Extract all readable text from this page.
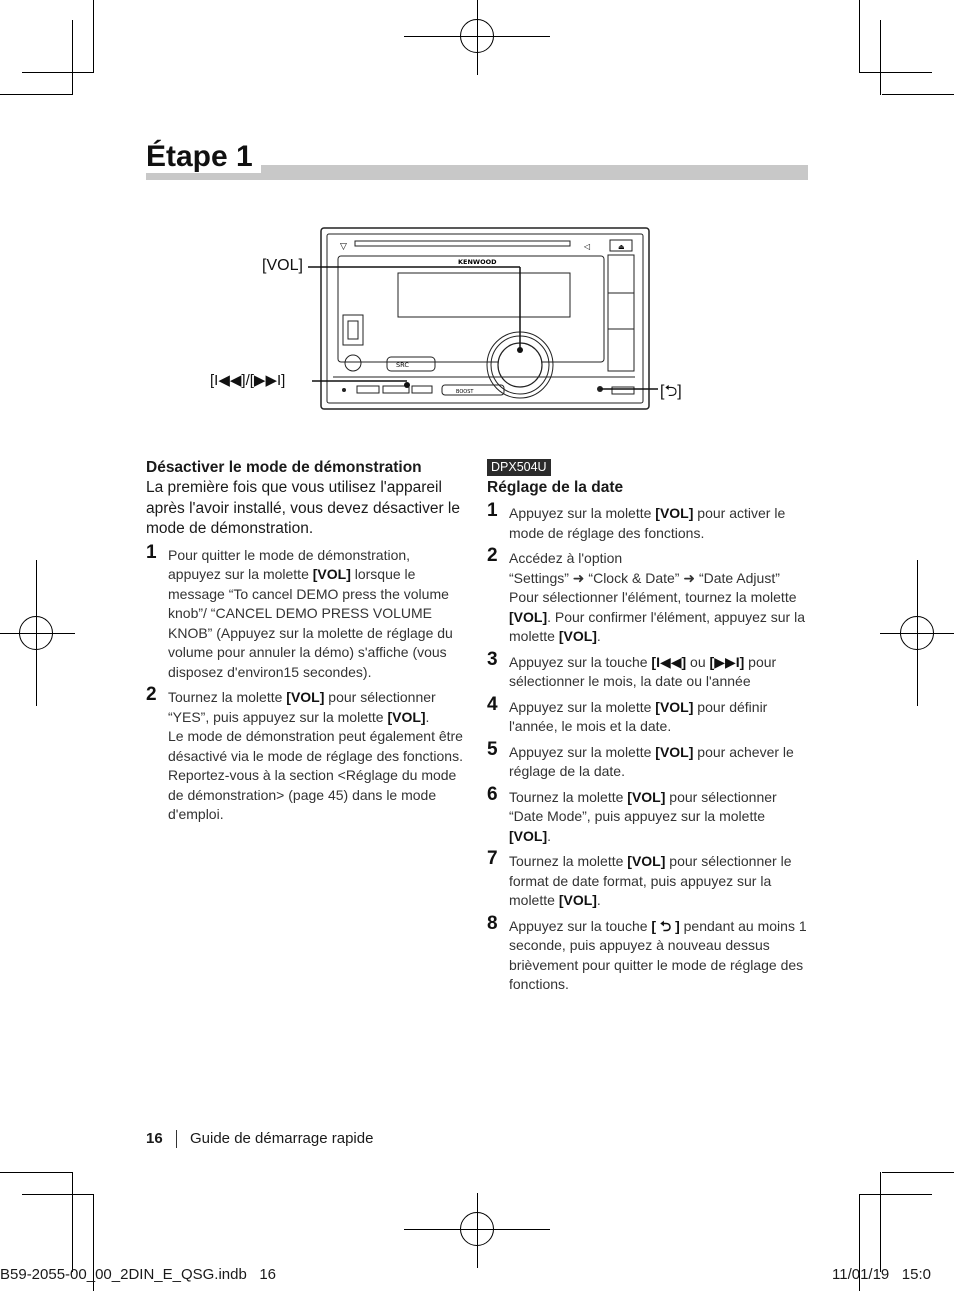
Étape 1
▽	◁	⏏
KENWOOD
SRC
BOOST
[VOL]
[I◀◀]/[▶▶I]
[⮌]
Désactiver le mode de démonstration
La première fois que vous utilisez l'appareil après l'avoir installé, vous devez désactiver le mode de démonstration.
1 Pour quitter le mode de démonstration, appuyez sur la molette [VOL] lorsque le message “To cancel DEMO press the volume knob”/ “CANCEL DEMO PRESS VOLUME KNOB” (Appuyez sur la molette de réglage du volume pour annuler la démo) s'affiche (vous disposez d'environ15 secondes).
2 Tournez la molette [VOL] pour sélectionner “YES”, puis appuyez sur la molette [VOL].
Le mode de démonstration peut également être désactivé via le mode de réglage des fonctions.
Reportez-vous à la section <Réglage du mode de démonstration> (page 45) dans le mode d'emploi.
DPX504U
Réglage de la date
1 Appuyez sur la molette [VOL] pour activer le mode de réglage des fonctions.
2 Accédez à l'option
“Settings” ➜ “Clock & Date” ➜ “Date Adjust”
Pour sélectionner l'élément, tournez la molette [VOL]. Pour confirmer l'élément, appuyez sur la molette [VOL].
3 Appuyez sur la touche [I◀◀] ou [▶▶I] pour sélectionner le mois, la date ou l'année
4 Appuyez sur la molette [VOL] pour définir l'année, le mois et la date.
5 Appuyez sur la molette [VOL] pour achever le réglage de la date.
6 Tournez la molette [VOL] pour sélectionner “Date Mode”, puis appuyez sur la molette [VOL].
7 Tournez la molette [VOL] pour sélectionner le format de date format, puis appuyez sur la molette [VOL].
8 Appuyez sur la touche [ ⮌ ] pendant au moins 1 seconde, puis appuyez à nouveau dessus brièvement pour quitter le mode de réglage des fonctions.
16 Guide de démarrage rapide
B59-2055-00_00_2DIN_E_QSG.indb   16	11/01/19   15:0
